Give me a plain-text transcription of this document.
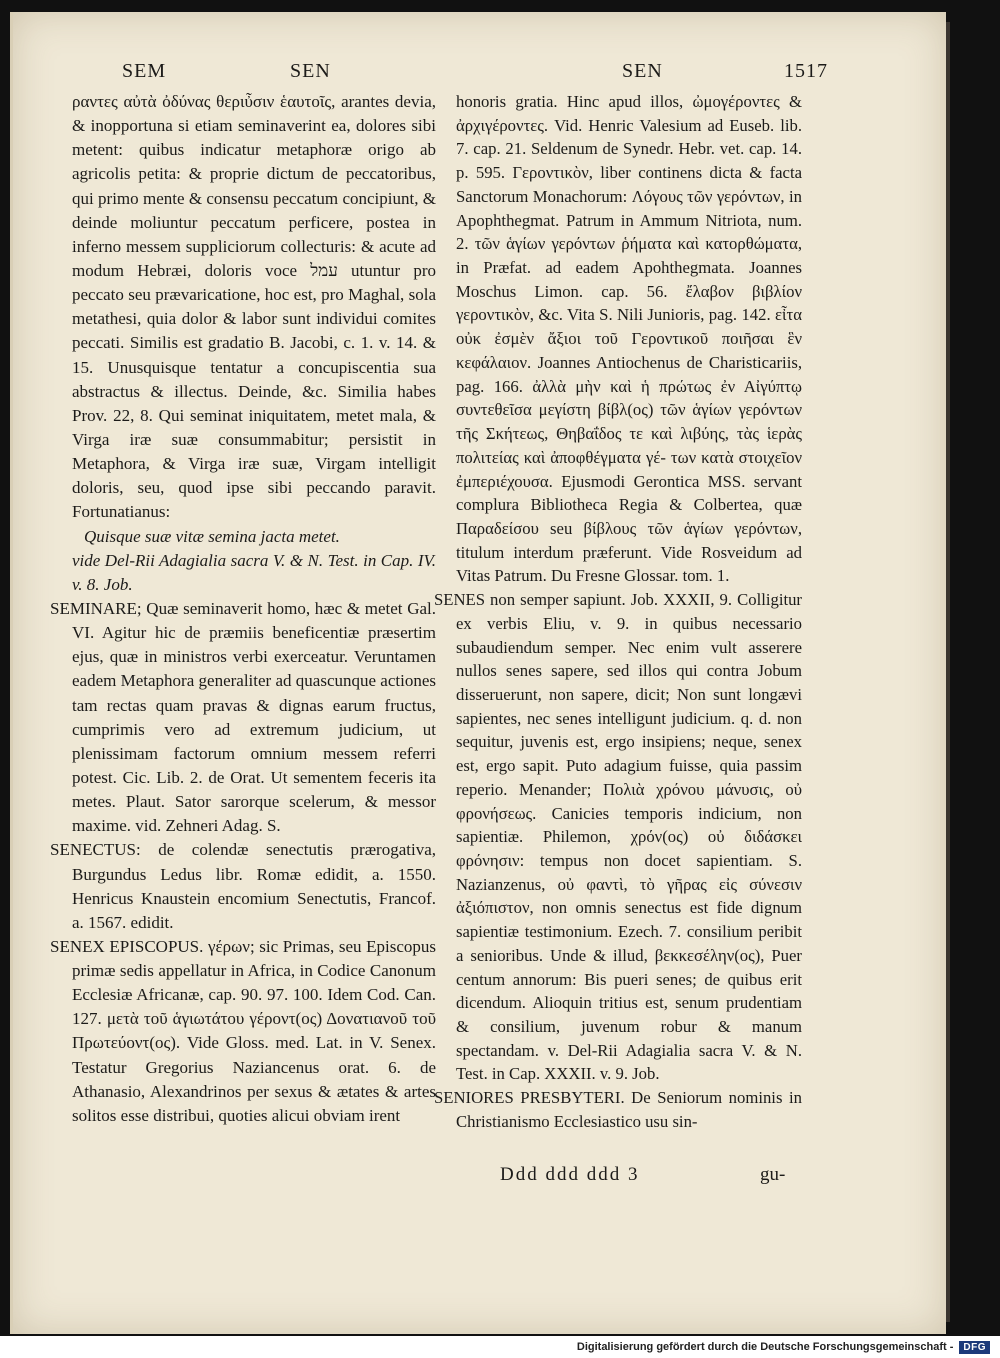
SEM	SEN	SEN	1517

ραντες αὐτὰ ὀδύνας θεριὖσιν ἑαυτοῖς, arantes devia, & inopportuna si etiam seminaverint ea, dolores sibi metent: quibus indicatur metaphoræ origo ab agricolis petita: & proprie dictum de peccatoribus, qui primo mente & consensu peccatum concipiunt, & deinde moliuntur peccatum perficere, postea in inferno messem suppliciorum collecturis: & acute ad modum Hebræi, doloris voce עמל utuntur pro peccato seu prævaricatione, hoc est, pro Maghal, sola metathesi, quia dolor & labor sunt individui comites peccati. Similis est gradatio B. Jacobi, c. 1. v. 14. & 15. Unusquisque tentatur a concupiscentia sua abstractus & illectus. Deinde, &c. Similia habes Prov. 22, 8. Qui seminat iniquitatem, metet mala, & Virga iræ suæ consummabitur; persistit in Metaphora, & Virga iræ suæ, Virgam intelligit doloris, seu, quod ipse sibi peccando paravit. Fortunatianus:

Quisque suæ vitæ semina jacta metet.

vide Del-Rii Adagialia sacra V. & N. Test. in Cap. IV. v. 8. Job.

SEMINARE; Quæ seminaverit homo, hæc & metet Gal. VI. Agitur hic de præmiis beneficentiæ præsertim ejus, quæ in ministros verbi exerceatur. Veruntamen eadem Metaphora generaliter ad quascunque actiones tam rectas quam pravas & dignas earum fructus, cumprimis vero ad extremum judicium, ut plenissimam factorum omnium messem referri potest. Cic. Lib. 2. de Orat. Ut sementem feceris ita metes. Plaut. Sator sarorque scelerum, & messor maxime. vid. Zehneri Adag. S.

SENECTUS: de colendæ senectutis prærogativa, Burgundus Ledus libr. Romæ edidit, a. 1550. Henricus Knaustein encomium Senectutis, Francof. a. 1567. edidit.

SENEX EPISCOPUS. γέρων; sic Primas, seu Episcopus primæ sedis appellatur in Africa, in Codice Canonum Ecclesiæ Africanæ, cap. 90. 97. 100. Idem Cod. Can. 127. μετὰ τοῦ ἁγιωτάτου γέροντ(ος) Δονατιανοῦ τοῦ Πρωτεύοντ(ος). Vide Gloss. med. Lat. in V. Senex. Testatur Gregorius Naziancenus orat. 6. de Athanasio, Alexandrinos per sexus & ætates & artes solitos esse distribui, quoties alicui obviam irent

honoris gratia. Hinc apud illos, ὠμογέροντες & ἀρχιγέροντες. Vid. Henric Valesium ad Euseb. lib. 7. cap. 21. Seldenum de Synedr. Hebr. vet. cap. 14. p. 595. Γεροντικὸν, liber continens dicta & facta Sanctorum Monachorum: Λόγους τῶν γερόντων, in Apophthegmat. Patrum in Ammum Nitriota, num. 2. τῶν ἁγίων γερόντων ῥήματα καὶ κατορθώματα, in Præfat. ad eadem Apohthegmata. Joannes Moschus Limon. cap. 56. ἔλαβον βιβλίον γεροντικὸν, &c. Vita S. Nili Junioris, pag. 142. εἶτα οὐκ ἐσμὲν ἄξιοι τοῦ Γεροντικοῦ ποιῆσαι ἓν κεφάλαιον. Joannes Antiochenus de Charisticariis, pag. 166. ἀλλὰ μὴν καὶ ἡ πρώτως ἐν Αἰγύπτῳ συντεθεῖσα μεγίστη βίβλ(ος) τῶν ἁγίων γερόντων τῆς Σκήτεως, Θηβαΐδος τε καὶ λιβύης, τὰς ἱερὰς πολιτείας καὶ ἀποφθέγματα γέ- των κατὰ στοιχεῖον ἐμπεριέχουσα. Ejusmodi Gerontica MSS. servant complura Bibliotheca Regia & Colbertea, quæ Παραδείσου seu βίβλους τῶν ἁγίων γερόντων, titulum interdum præferunt. Vide Rosveidum ad Vitas Patrum. Du Fresne Glossar. tom. 1.

SENES non semper sapiunt. Job. XXXII, 9. Colligitur ex verbis Eliu, v. 9. in quibus necessario subaudiendum semper. Nec enim vult asserere nullos senes sapere, sed illos qui contra Jobum disseruerunt, non sapere, dicit; Non sunt longævi sapientes, nec senes intelligunt judicium. q. d. non sequitur, juvenis est, ergo insipiens; neque, senex est, ergo sapit. Puto adagium fuisse, quia passim reperio. Menander; Πολιὰ χρόνου μάνυσις, οὐ φρονήσεως. Canicies temporis indicium, non sapientiæ. Philemon, χρόν(ος) οὐ διδάσκει φρόνησιν: tempus non docet sapientiam. S. Nazianzenus, οὐ φαντὶ, τὸ γῆρας εἰς σύνεσιν ἀξιόπιστον, non omnis senectus est fide dignum sapientiæ testimonium. Ezech. 7. consilium peribit a senioribus. Unde & illud, βεκκεσέλην(ος), Puer centum annorum: Bis pueri senes; de quibus erit dicendum. Alioquin tritius est, senum prudentiam & consilium, juvenum robur & manum spectandam. v. Del-Rii Adagialia sacra V. & N. Test. in Cap. XXXII. v. 9. Job.

SENIORES PRESBYTERI. De Seniorum nominis in Christianismo Ecclesiastico usu sin-

Ddd ddd ddd 3	gu-
Digitalisierung gefördert durch die Deutsche Forschungsgemeinschaft -	DFG
